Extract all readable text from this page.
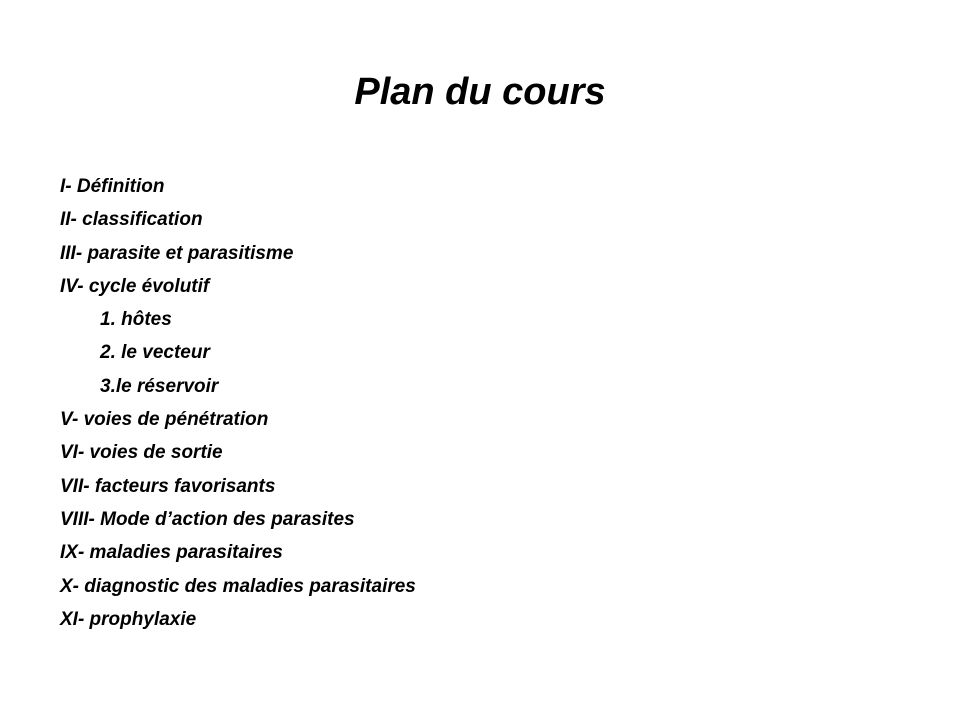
Plan du cours
I- Définition
II- classification
III- parasite et parasitisme
IV- cycle évolutif
1. hôtes
2. le vecteur
3.le réservoir
V- voies de pénétration
VI- voies de sortie
VII- facteurs favorisants
VIII- Mode d’action des parasites
IX- maladies parasitaires
X- diagnostic des maladies parasitaires
XI- prophylaxie
